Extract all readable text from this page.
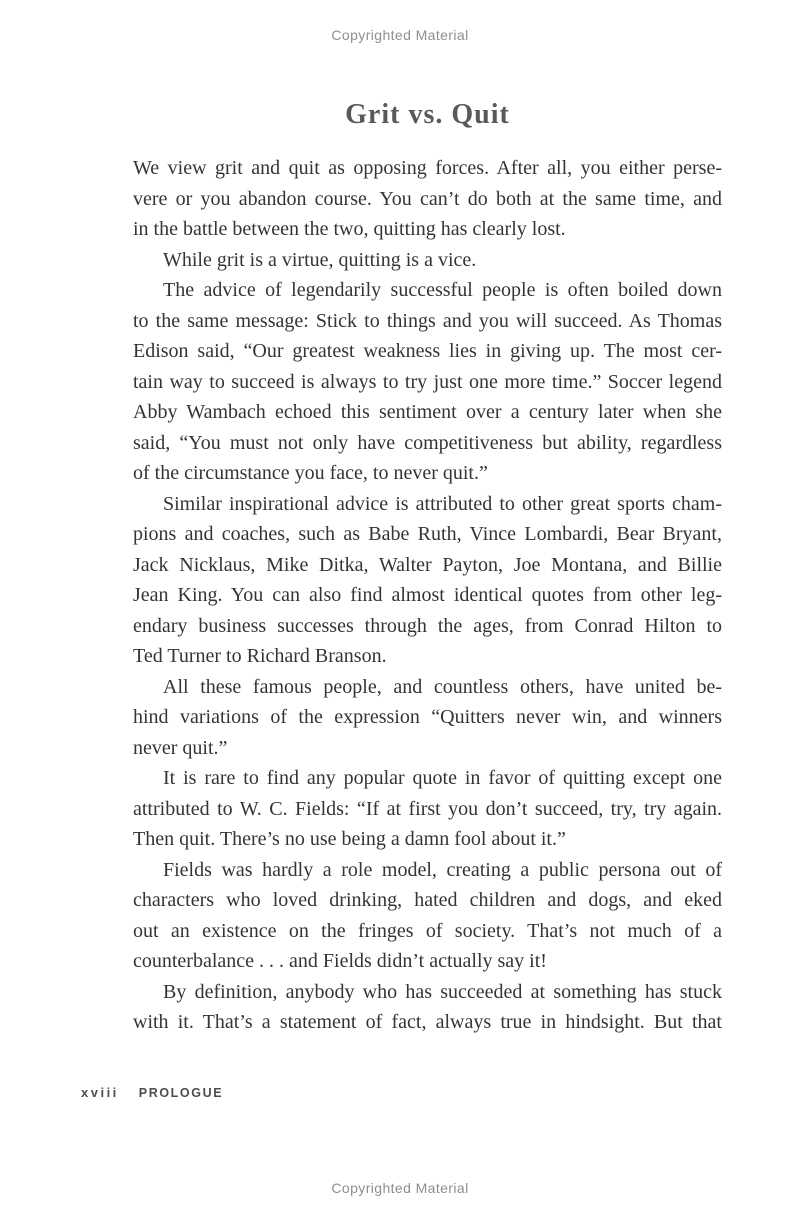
Copyrighted Material
Grit vs. Quit

We view grit and quit as opposing forces. After all, you either perse-
vere or you abandon course. You can’t do both at the same time, and
in the battle between the two, quitting has clearly lost.

While grit is a virtue, quitting is a vice.

The advice of legendarily successful people is often boiled down
to the same message: Stick to things and you will succeed. As Thomas
Edison said, “Our greatest weakness lies in giving up. The most cer-
tain way to succeed is always to try just one more time.” Soccer legend
Abby Wambach echoed this sentiment over a century later when she
said, “You must not only have competitiveness but ability, regardless
of the circumstance you face, to never quit.”

Similar inspirational advice is attributed to other great sports cham-
pions and coaches, such as Babe Ruth, Vince Lombardi, Bear Bryant,
Jack Nicklaus, Mike Ditka, Walter Payton, Joe Montana, and Billie
Jean King. You can also find almost identical quotes from other leg-
endary business successes through the ages, from Conrad Hilton to
Ted Turner to Richard Branson.

All these famous people, and countless others, have united be-
hind variations of the expression “Quitters never win, and winners
never quit.”

It is rare to find any popular quote in favor of quitting except one
attributed to W. C. Fields: “If at first you don’t succeed, try, try again.
Then quit. There’s no use being a damn fool about it.”

Fields was hardly a role model, creating a public persona out of
characters who loved drinking, hated children and dogs, and eked
out an existence on the fringes of society. That’s not much of a
counterbalance . . . and Fields didn’t actually say it!

By definition, anybody who has succeeded at something has stuck
with it. That’s a statement of fact, always true in hindsight. But that

xviii PROLOGUE
Copyrighted Material
